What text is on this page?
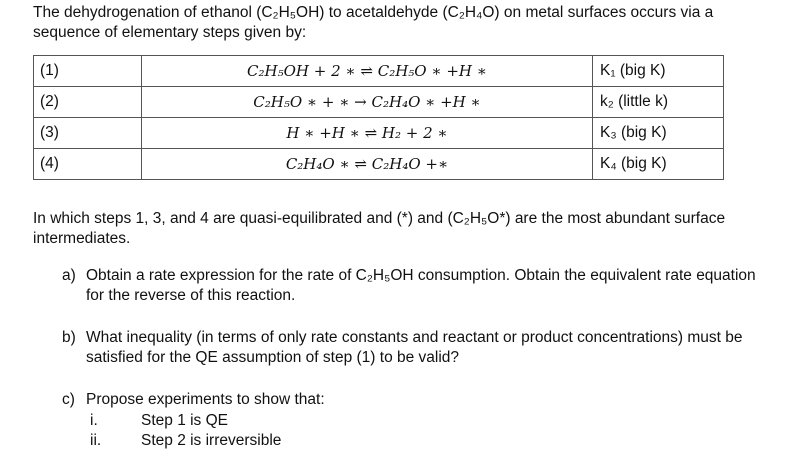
The dehydrogenation of ethanol (C₂H₅OH) to acetaldehyde (C₂H₄O) on metal surfaces occurs via a sequence of elementary steps given by:
(1)	C₂H₅OH + 2 ∗ ⇌ C₂H₅O ∗ +H ∗	K₁ (big K)
(2)	C₂H₅O ∗ + ∗ → C₂H₄O ∗ +H ∗	k₂ (little k)
(3)	H ∗ +H ∗ ⇌ H₂ + 2 ∗	K₃ (big K)
(4)	C₂H₄O ∗ ⇌ C₂H₄O +∗	K₄ (big K)
In which steps 1, 3, and 4 are quasi-equilibrated and (*) and (C₂H₅O*) are the most abundant surface intermediates.
a) Obtain a rate expression for the rate of C₂H₅OH consumption. Obtain the equivalent rate equation for the reverse of this reaction.
b) What inequality (in terms of only rate constants and reactant or product concentrations) must be satisfied for the QE assumption of step (1) to be valid?
c) Propose experiments to show that:
i.	Step 1 is QE
ii.	Step 2 is irreversible
